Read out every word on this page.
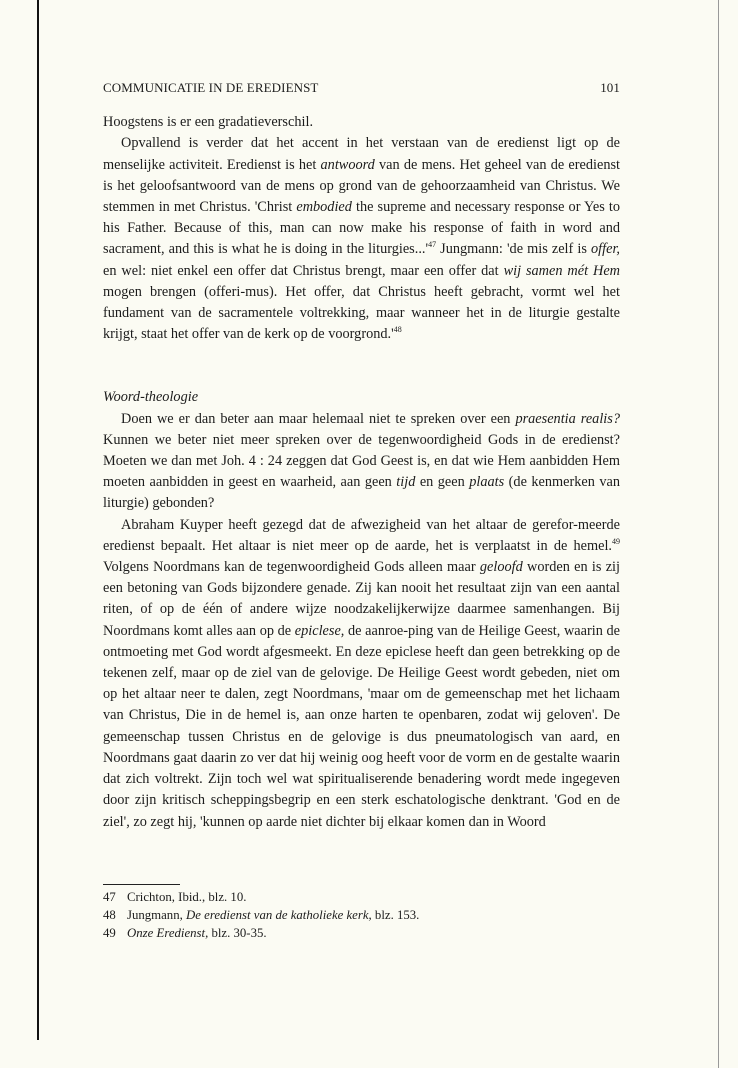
COMMUNICATIE IN DE EREDIENST	101

Hoogstens is er een gradatieverschil.

Opvallend is verder dat het accent in het verstaan van de eredienst ligt op de menselijke activiteit. Eredienst is het antwoord van de mens. Het geheel van de eredienst is het geloofsantwoord van de mens op grond van de gehoorzaamheid van Christus. We stemmen in met Christus. 'Christ embodied the supreme and necessary response or Yes to his Father. Because of this, man can now make his response of faith in word and sacrament, and this is what he is doing in the $liturgies...'^{47}$ Jungmann: 'de mis zelf is offer, en wel: niet enkel een offer dat Christus brengt, maar een offer dat wij samen mét Hem mogen brengen (offeri-mus). Het offer, dat Christus heeft gebracht, vormt wel het fundament van de sacramentele voltrekking, maar wanneer het in de liturgie gestalte krijgt, staat het offer van de kerk op de $voorgrond.'^{48}$

Woord-theologie

Doen we er dan beter aan maar helemaal niet te spreken over een praesentia realis? Kunnen we beter niet meer spreken over de tegenwoordigheid Gods in de eredienst? Moeten we dan met Joh. 4 : 24 zeggen dat God Geest is, en dat wie Hem aanbidden Hem moeten aanbidden in geest en waarheid, aan geen tijd en geen plaats (de kenmerken van liturgie) gebonden?

Abraham Kuyper heeft gezegd dat de afwezigheid van het altaar de gerefor-meerde eredienst bepaalt. Het altaar is niet meer op de aarde, het is verplaatst in de hemel.$^{49}$ Volgens Noordmans kan de tegenwoordigheid Gods alleen maar geloofd worden en is zij een betoning van Gods bijzondere genade. Zij kan nooit het resultaat zijn van een aantal riten, of op de één of andere wijze noodzakelijkerwijze daarmee samenhangen. Bij Noordmans komt alles aan op de epiclese, de aanroe-ping van de Heilige Geest, waarin de ontmoeting met God wordt afgesmeekt. En deze epiclese heeft dan geen betrekking op de tekenen zelf, maar op de ziel van de gelovige. De Heilige Geest wordt gebeden, niet om op het altaar neer te dalen, zegt Noordmans, 'maar om de gemeenschap met het lichaam van Christus, Die in de hemel is, aan onze harten te openbaren, zodat wij geloven'. De gemeenschap tussen Christus en de gelovige is dus pneumatologisch van aard, en Noordmans gaat daarin zo ver dat hij weinig oog heeft voor de vorm en de gestalte waarin dat zich voltrekt. Zijn toch wel wat spiritualiserende benadering wordt mede ingegeven door zijn kritisch scheppingsbegrip en een sterk eschatologische denktrant. 'God en de ziel', zo zegt hij, 'kunnen op aarde niet dichter bij elkaar komen dan in Woord

47 Crichton, Ibid., blz. 10.
48 Jungmann, De eredienst van de katholieke kerk, blz. 153.
49 Onze Eredienst, blz. 30-35.
